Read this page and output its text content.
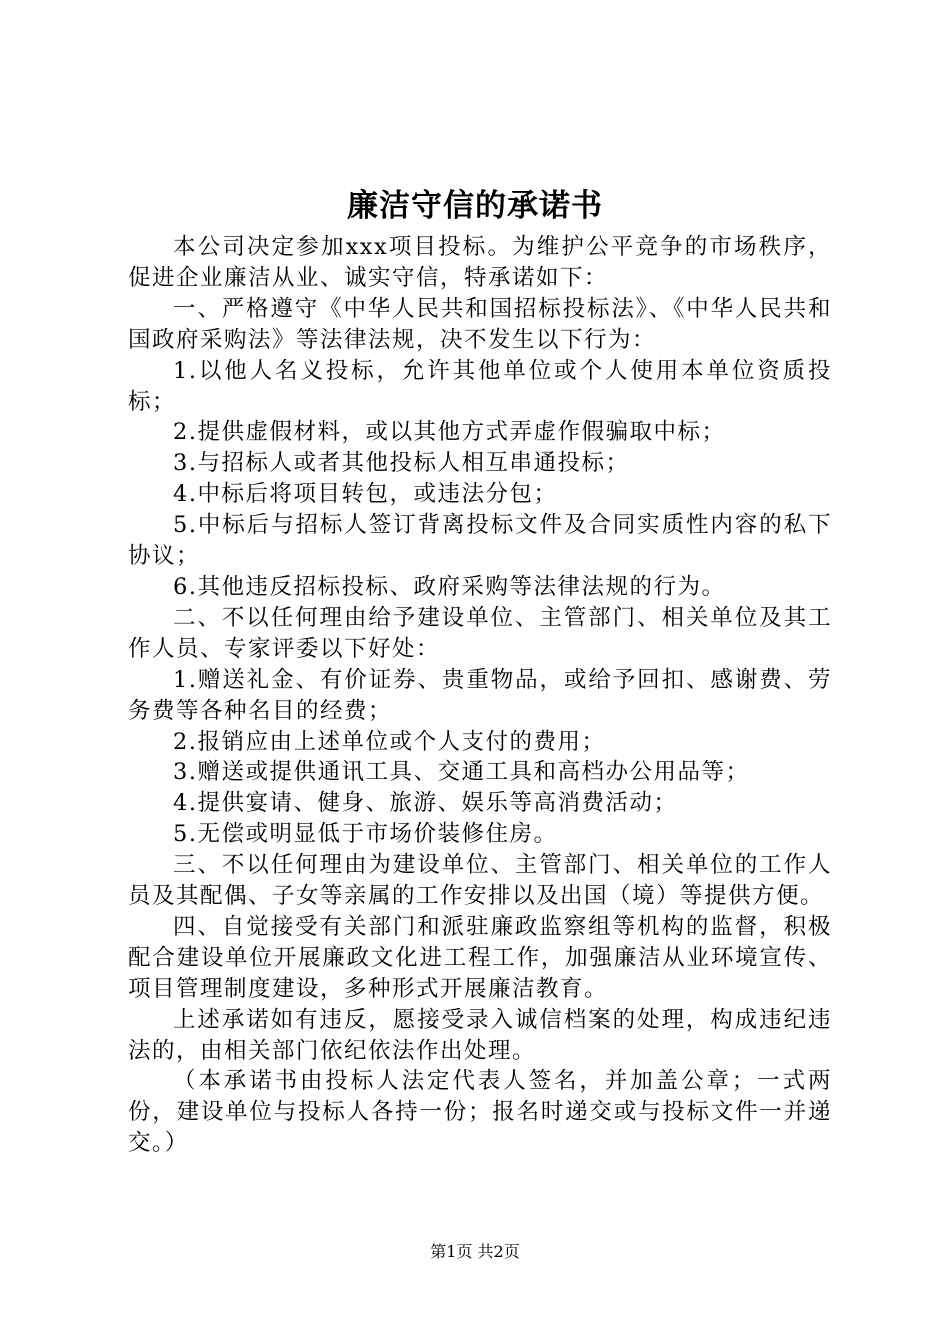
廉洁守信的承诺书

本公司决定参加xxx项目投标。为维护公平竞争的市场秩序，促进企业廉洁从业、诚实守信，特承诺如下：

一、严格遵守《中华人民共和国招标投标法》、《中华人民共和国政府采购法》等法律法规，决不发生以下行为：

1.以他人名义投标，允许其他单位或个人使用本单位资质投标；

2.提供虚假材料，或以其他方式弄虚作假骗取中标；

3.与招标人或者其他投标人相互串通投标；

4.中标后将项目转包，或违法分包；

5.中标后与招标人签订背离投标文件及合同实质性内容的私下协议；

6.其他违反招标投标、政府采购等法律法规的行为。

二、不以任何理由给予建设单位、主管部门、相关单位及其工作人员、专家评委以下好处：

1.赠送礼金、有价证券、贵重物品，或给予回扣、感谢费、劳务费等各种名目的经费；

2.报销应由上述单位或个人支付的费用；

3.赠送或提供通讯工具、交通工具和高档办公用品等；

4.提供宴请、健身、旅游、娱乐等高消费活动；

5.无偿或明显低于市场价装修住房。

三、不以任何理由为建设单位、主管部门、相关单位的工作人员及其配偶、子女等亲属的工作安排以及出国（境）等提供方便。

四、自觉接受有关部门和派驻廉政监察组等机构的监督，积极配合建设单位开展廉政文化进工程工作，加强廉洁从业环境宣传、项目管理制度建设，多种形式开展廉洁教育。

上述承诺如有违反，愿接受录入诚信档案的处理，构成违纪违法的，由相关部门依纪依法作出处理。

（本承诺书由投标人法定代表人签名，并加盖公章；一式两份，建设单位与投标人各持一份；报名时递交或与投标文件一并递交。）

第1页 共2页
